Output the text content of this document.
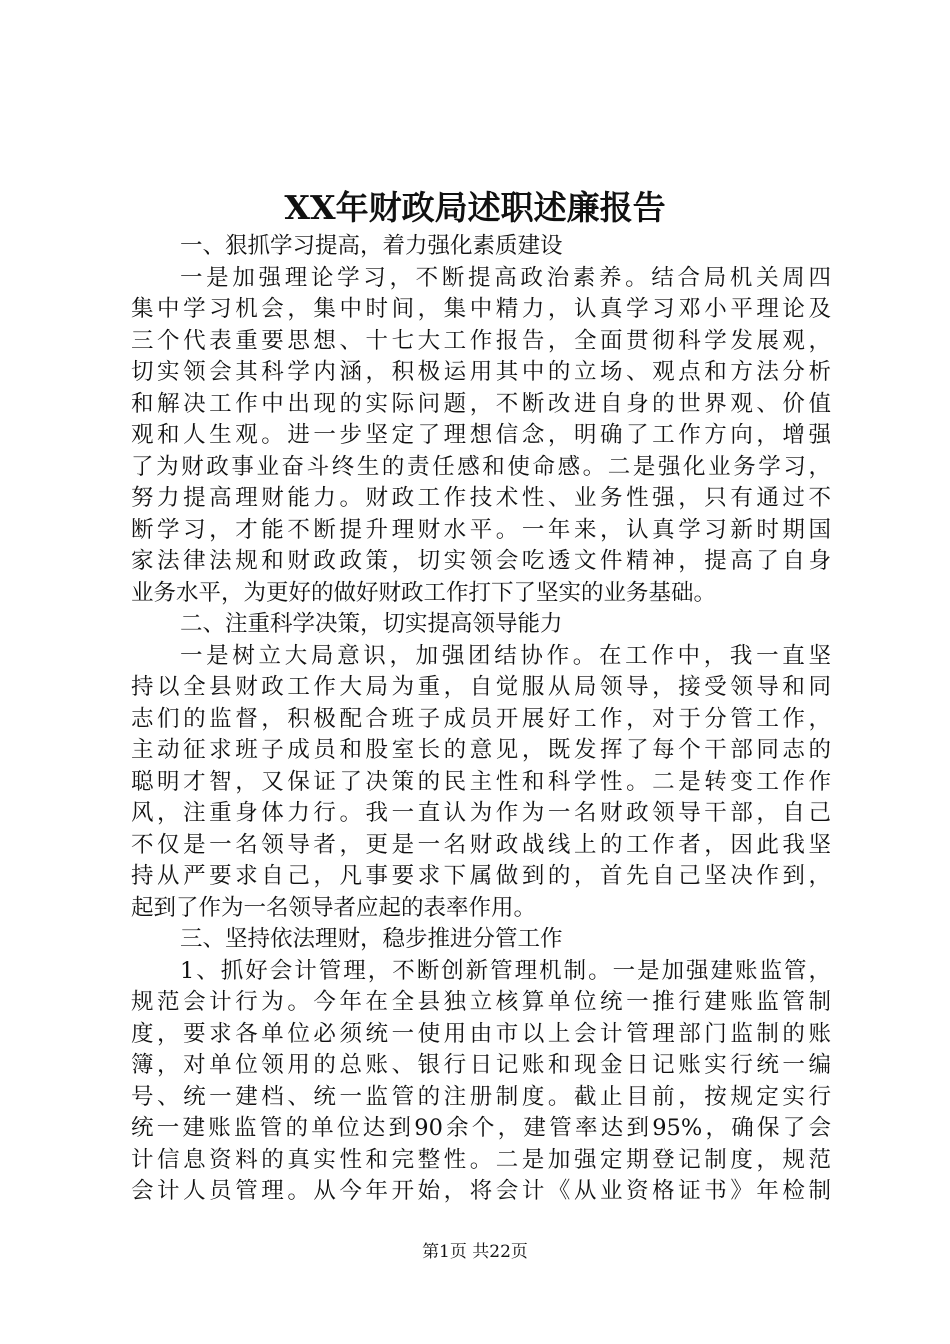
XX年财政局述职述廉报告
一、狠抓学习提高，着力强化素质建设
一是加强理论学习，不断提高政治素养。结合局机关周四
集中学习机会，集中时间，集中精力，认真学习邓小平理论及
三个代表重要思想、十七大工作报告，全面贯彻科学发展观，
切实领会其科学内涵，积极运用其中的立场、观点和方法分析
和解决工作中出现的实际问题，不断改进自身的世界观、价值
观和人生观。进一步坚定了理想信念，明确了工作方向，增强
了为财政事业奋斗终生的责任感和使命感。二是强化业务学习，
努力提高理财能力。财政工作技术性、业务性强，只有通过不
断学习，才能不断提升理财水平。一年来，认真学习新时期国
家法律法规和财政政策，切实领会吃透文件精神，提高了自身
业务水平，为更好的做好财政工作打下了坚实的业务基础。
二、注重科学决策，切实提高领导能力
一是树立大局意识，加强团结协作。在工作中，我一直坚
持以全县财政工作大局为重，自觉服从局领导，接受领导和同
志们的监督，积极配合班子成员开展好工作，对于分管工作，
主动征求班子成员和股室长的意见，既发挥了每个干部同志的
聪明才智，又保证了决策的民主性和科学性。二是转变工作作
风，注重身体力行。我一直认为作为一名财政领导干部，自己
不仅是一名领导者，更是一名财政战线上的工作者，因此我坚
持从严要求自己，凡事要求下属做到的，首先自己坚决作到，
起到了作为一名领导者应起的表率作用。
三、坚持依法理财，稳步推进分管工作
1、抓好会计管理，不断创新管理机制。一是加强建账监管，
规范会计行为。今年在全县独立核算单位统一推行建账监管制
度，要求各单位必须统一使用由市以上会计管理部门监制的账
簿，对单位领用的总账、银行日记账和现金日记账实行统一编
号、统一建档、统一监管的注册制度。截止目前，按规定实行
统一建账监管的单位达到90余个，建管率达到95%，确保了会
计信息资料的真实性和完整性。二是加强定期登记制度，规范
会计人员管理。从今年开始，将会计《从业资格证书》年检制
第1页 共22页
